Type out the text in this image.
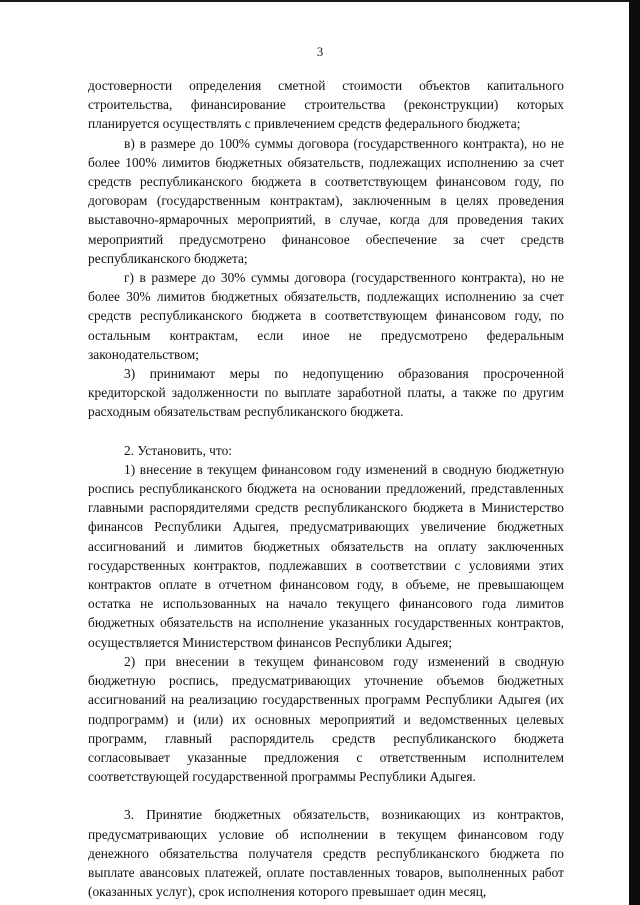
3

достоверности определения сметной стоимости объектов капитального строительства, финансирование строительства (реконструкции) которых планируется осуществлять с привлечением средств федерального бюджета;

в) в размере до 100% суммы договора (государственного контракта), но не более 100% лимитов бюджетных обязательств, подлежащих исполнению за счет средств республиканского бюджета в соответствующем финансовом году, по договорам (государственным контрактам), заключенным в целях проведения выставочно-ярмарочных мероприятий, в случае, когда для проведения таких мероприятий предусмотрено финансовое обеспечение за счет средств республиканского бюджета;

г) в размере до 30% суммы договора (государственного контракта), но не более 30% лимитов бюджетных обязательств, подлежащих исполнению за счет средств республиканского бюджета в соответствующем финансовом году, по остальным контрактам, если иное не предусмотрено федеральным законодательством;

3) принимают меры по недопущению образования просроченной кредиторской задолженности по выплате заработной платы, а также по другим расходным обязательствам республиканского бюджета.

2. Установить, что:

1) внесение в текущем финансовом году изменений в сводную бюджетную роспись республиканского бюджета на основании предложений, представленных главными распорядителями средств республиканского бюджета в Министерство финансов Республики Адыгея, предусматривающих увеличение бюджетных ассигнований и лимитов бюджетных обязательств на оплату заключенных государственных контрактов, подлежавших в соответствии с условиями этих контрактов оплате в отчетном финансовом году, в объеме, не превышающем остатка не использованных на начало текущего финансового года лимитов бюджетных обязательств на исполнение указанных государственных контрактов, осуществляется Министерством финансов Республики Адыгея;

2) при внесении в текущем финансовом году изменений в сводную бюджетную роспись, предусматривающих уточнение объемов бюджетных ассигнований на реализацию государственных программ Республики Адыгея (их подпрограмм) и (или) их основных мероприятий и ведомственных целевых программ, главный распорядитель средств республиканского бюджета согласовывает указанные предложения с ответственным исполнителем соответствующей государственной программы Республики Адыгея.

3. Принятие бюджетных обязательств, возникающих из контрактов, предусматривающих условие об исполнении в текущем финансовом году денежного обязательства получателя средств республиканского бюджета по выплате авансовых платежей, оплате поставленных товаров, выполненных работ (оказанных услуг), срок исполнения которого превышает один месяц,
